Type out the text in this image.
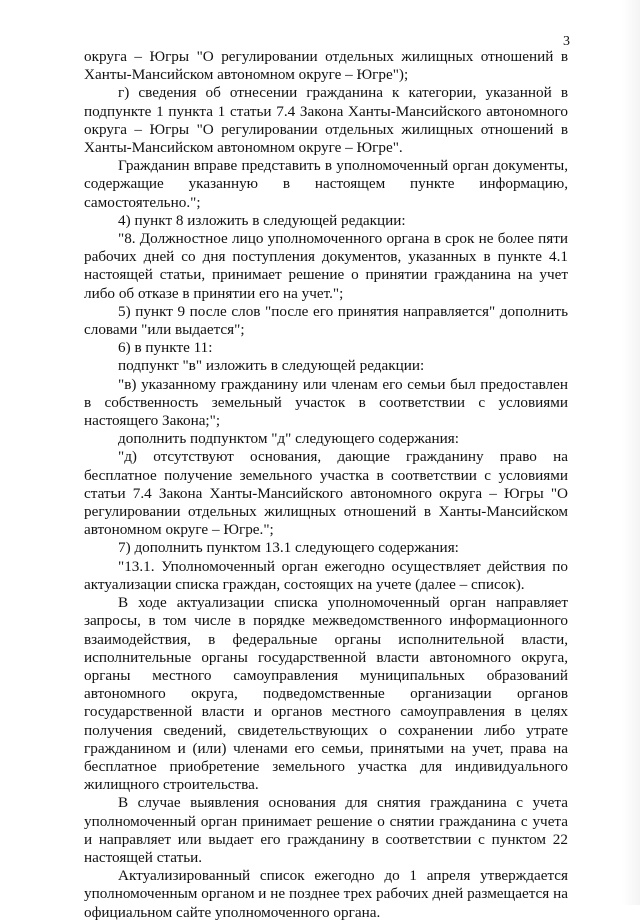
3

округа – Югры "О регулировании отдельных жилищных отношений в Ханты-Мансийском автономном округе – Югре");

г) сведения об отнесении гражданина к категории, указанной в подпункте 1 пункта 1 статьи 7.4 Закона Ханты-Мансийского автономного округа – Югры "О регулировании отдельных жилищных отношений в Ханты-Мансийском автономном округе – Югре".

Гражданин вправе представить в уполномоченный орган документы, содержащие указанную в настоящем пункте информацию, самостоятельно.";

4) пункт 8 изложить в следующей редакции:

"8. Должностное лицо уполномоченного органа в срок не более пяти рабочих дней со дня поступления документов, указанных в пункте 4.1 настоящей статьи, принимает решение о принятии гражданина на учет либо об отказе в принятии его на учет.";

5) пункт 9 после слов "после его принятия направляется" дополнить словами "или выдается";

6) в пункте 11:

подпункт "в" изложить в следующей редакции:

"в) указанному гражданину или членам его семьи был предоставлен в собственность земельный участок в соответствии с условиями настоящего Закона;";

дополнить подпунктом "д" следующего содержания:

"д) отсутствуют основания, дающие гражданину право на бесплатное получение земельного участка в соответствии с условиями статьи 7.4 Закона Ханты-Мансийского автономного округа – Югры "О регулировании отдельных жилищных отношений в Ханты-Мансийском автономном округе – Югре.";

7) дополнить пунктом 13.1 следующего содержания:

"13.1. Уполномоченный орган ежегодно осуществляет действия по актуализации списка граждан, состоящих на учете (далее – список).

В ходе актуализации списка уполномоченный орган направляет запросы, в том числе в порядке межведомственного информационного взаимодействия, в федеральные органы исполнительной власти, исполнительные органы государственной власти автономного округа, органы местного самоуправления муниципальных образований автономного округа, подведомственные организации органов государственной власти и органов местного самоуправления в целях получения сведений, свидетельствующих о сохранении либо утрате гражданином и (или) членами его семьи, принятыми на учет, права на бесплатное приобретение земельного участка для индивидуального жилищного строительства.

В случае выявления основания для снятия гражданина с учета уполномоченный орган принимает решение о снятии гражданина с учета и направляет или выдает его гражданину в соответствии с пунктом 22 настоящей статьи.

Актуализированный список ежегодно до 1 апреля утверждается уполномоченным органом и не позднее трех рабочих дней размещается на официальном сайте уполномоченного органа.
